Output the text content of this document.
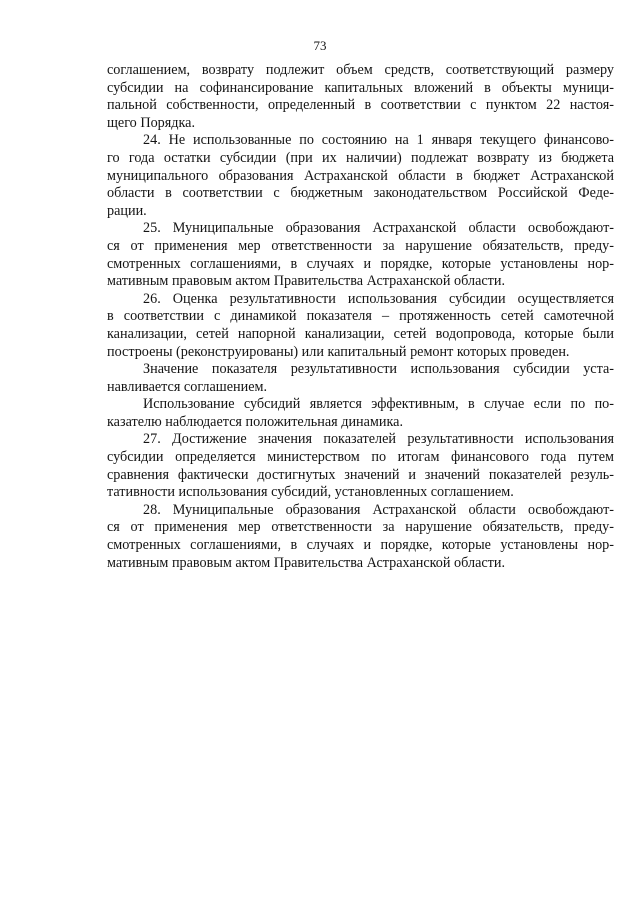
73
соглашением, возврату подлежит объем средств, соответствующий размеру
субсидии на софинансирование капитальных вложений в объекты муници-
пальной собственности, определенный в соответствии с пунктом 22 настоя-
щего Порядка.
24. Не использованные по состоянию на 1 января текущего финансово-
го года остатки субсидии (при их наличии) подлежат возврату из бюджета
муниципального образования Астраханской области в бюджет Астраханской
области в соответствии с бюджетным законодательством Российской Феде-
рации.
25. Муниципальные образования Астраханской области освобождают-
ся от применения мер ответственности за нарушение обязательств, преду-
смотренных соглашениями, в случаях и порядке, которые установлены нор-
мативным правовым актом Правительства Астраханской области.
26. Оценка результативности использования субсидии осуществляется
в соответствии с динамикой показателя – протяженность сетей самотечной
канализации, сетей напорной канализации, сетей водопровода, которые были
построены (реконструированы) или капитальный ремонт которых проведен.
Значение показателя результативности использования субсидии уста-
навливается соглашением.
Использование субсидий является эффективным, в случае если по по-
казателю наблюдается положительная динамика.
27. Достижение значения показателей результативности использования
субсидии определяется министерством по итогам финансового года путем
сравнения фактически достигнутых значений и значений показателей резуль-
тативности использования субсидий, установленных соглашением.
28. Муниципальные образования Астраханской области освобождают-
ся от применения мер ответственности за нарушение обязательств, преду-
смотренных соглашениями, в случаях и порядке, которые установлены нор-
мативным правовым актом Правительства Астраханской области.
